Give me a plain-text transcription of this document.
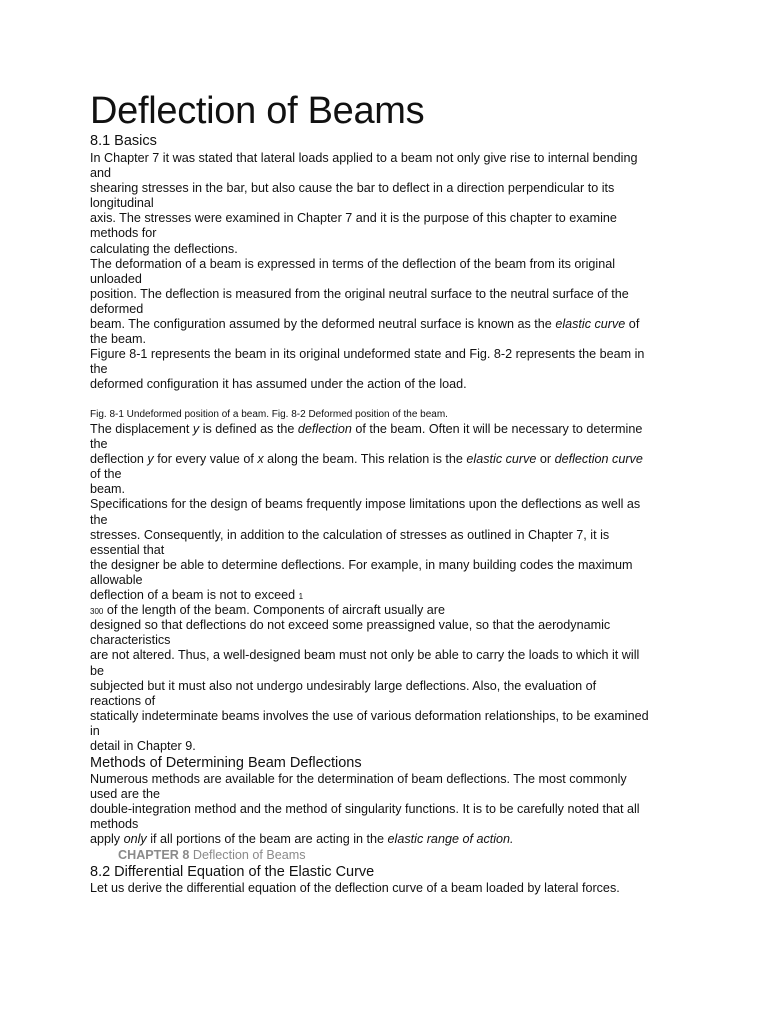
Deflection of Beams
8.1 Basics
In Chapter 7 it was stated that lateral loads applied to a beam not only give rise to internal bending
and
shearing stresses in the bar, but also cause the bar to deflect in a direction perpendicular to its
longitudinal
axis. The stresses were examined in Chapter 7 and it is the purpose of this chapter to examine
methods for
calculating the deflections.
The deformation of a beam is expressed in terms of the deflection of the beam from its original
unloaded
position. The deflection is measured from the original neutral surface to the neutral surface of the
deformed
beam. The configuration assumed by the deformed neutral surface is known as the elastic curve of
the beam.
Figure 8-1 represents the beam in its original undeformed state and Fig. 8-2 represents the beam in
the
deformed configuration it has assumed under the action of the load.
Fig. 8-1 Undeformed position of a beam. Fig. 8-2 Deformed position of the beam.
The displacement y is defined as the deflection of the beam. Often it will be necessary to determine
the
deflection y for every value of x along the beam. This relation is the elastic curve or deflection curve
of the
beam.
Specifications for the design of beams frequently impose limitations upon the deflections as well as
the
stresses. Consequently, in addition to the calculation of stresses as outlined in Chapter 7, it is
essential that
the designer be able to determine deflections. For example, in many building codes the maximum
allowable
deflection of a beam is not to exceed 1
300 of the length of the beam. Components of aircraft usually are
designed so that deflections do not exceed some preassigned value, so that the aerodynamic
characteristics
are not altered. Thus, a well-designed beam must not only be able to carry the loads to which it will
be
subjected but it must also not undergo undesirably large deflections. Also, the evaluation of
reactions of
statically indeterminate beams involves the use of various deformation relationships, to be examined
in
detail in Chapter 9.
Methods of Determining Beam Deflections
Numerous methods are available for the determination of beam deflections. The most commonly
used are the
double-integration method and the method of singularity functions. It is to be carefully noted that all
methods
apply only if all portions of the beam are acting in the elastic range of action.
CHAPTER 8 Deflection of Beams
8.2 Differential Equation of the Elastic Curve
Let us derive the differential equation of the deflection curve of a beam loaded by lateral forces.
